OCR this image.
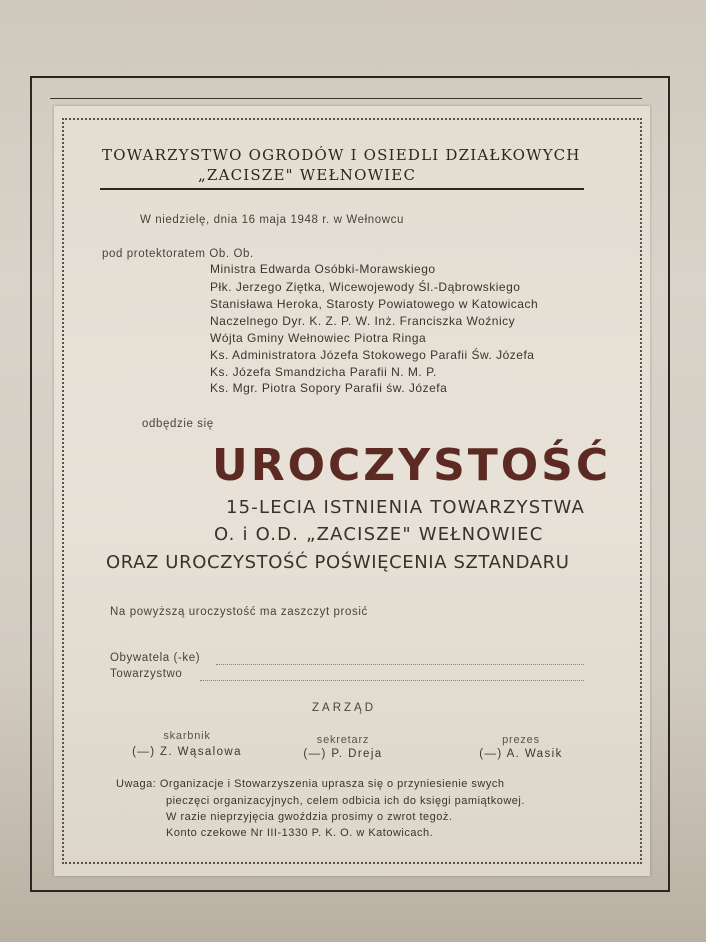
TOWARZYSTWO OGRODÓW I OSIEDLI DZIAŁKOWYCH
„ZACISZE" WEŁNOWIEC
W niedzielę, dnia 16 maja 1948 r. w Wełnowcu
pod protektoratem Ob. Ob.
Ministra Edwarda Osóbki-Morawskiego
Płk. Jerzego Ziętka, Wicewojewody Śl.-Dąbrowskiego
Stanisława Heroka, Starosty Powiatowego w Katowicach
Naczelnego Dyr. K. Z. P. W. Inż. Franciszka Woźnicy
Wójta Gminy Wełnowiec Piotra Ringa
Ks. Administratora Józefa Stokowego Parafii Św. Józefa
Ks. Józefa Smandzicha Parafii N. M. P.
Ks. Mgr. Piotra Sopory Parafii św. Józefa
odbędzie się
UROCZYSTOŚĆ
15-LECIA ISTNIENIA TOWARZYSTWA
O. i O.D. „ZACISZE" WEŁNOWIEC
ORAZ UROCZYSTOŚĆ POŚWIĘCENIA SZTANDARU
Na powyższą uroczystość ma zaszczyt prosić
Obywatela (-ke)
Towarzystwo
ZARZĄD
skarbnik
(—) Z. Wąsalowa
sekretarz
(—) P. Dreja
prezes
(—) A. Wasik
Uwaga: Organizacje i Stowarzyszenia uprasza się o przyniesienie swych
pieczęci organizacyjnych, celem odbicia ich do księgi pamiątkowej.
W razie nieprzyjęcia gwoździa prosimy o zwrot tegoż.
Konto czekowe Nr III-1330 P. K. O. w Katowicach.
